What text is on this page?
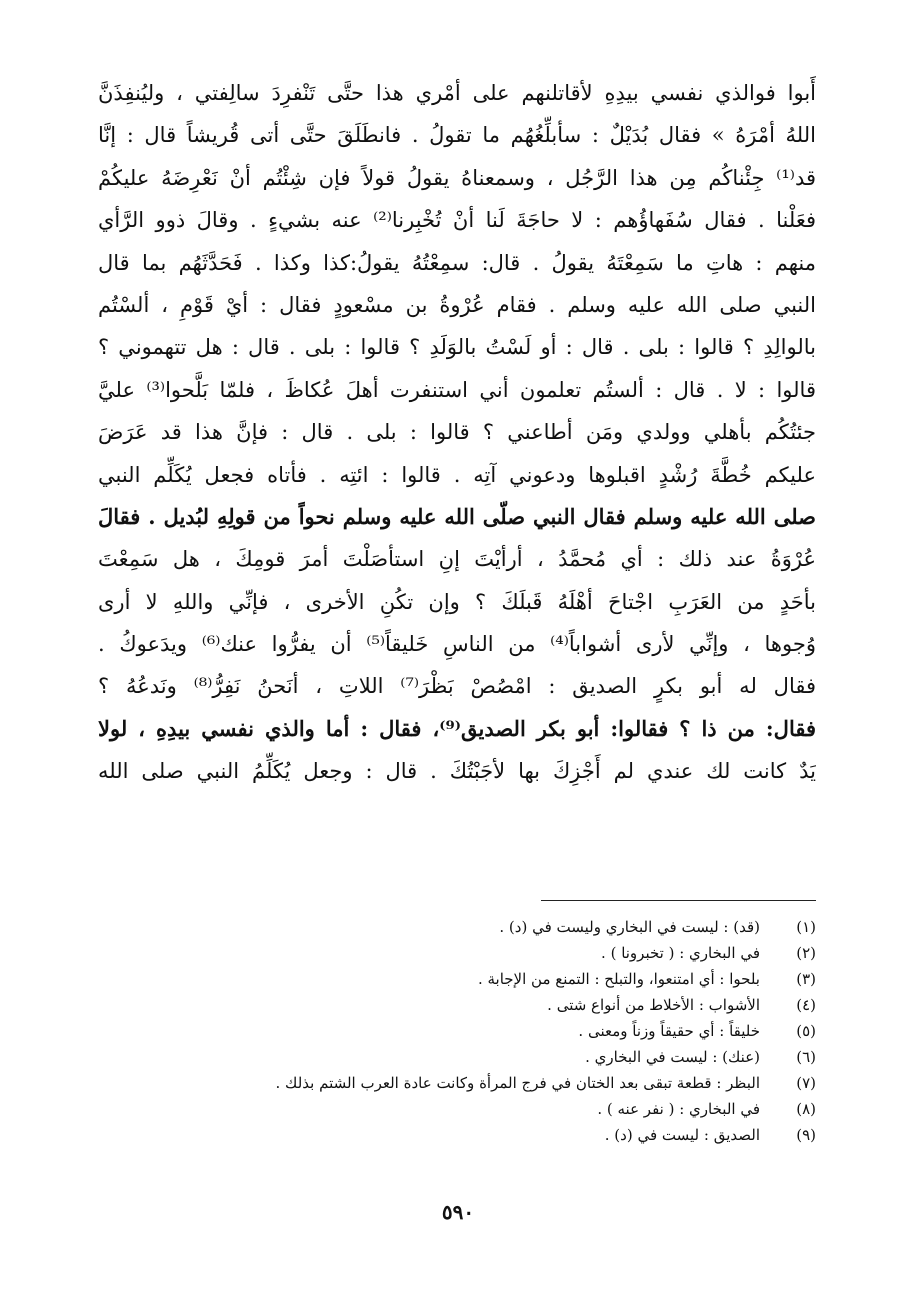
أَبوا فوالذي نفسي بيدِهِ لأقاتلنهم على أمْري هذا حتَّى تَنْفرِدَ سالِفتي ، وليُنفِذَنَّ
اللهُ أمْرَهُ » فقال بُدَيْلٌ : سأبلِّغُهُم ما تقولُ . فانطَلَقَ حتَّى أتى قُريشاً قال : إنَّا
قد⁽¹⁾ جِئْناكُم مِن هذا الرَّجُل ، وسمعناهُ يقولُ قولاً فإن شِئْتُم أنْ نَعْرِضَهُ عليكُمْ
فعَلْنا . فقال سُفَهاؤُهم : لا حاجَةَ لَنا أنْ تُخْبِرنا⁽²⁾ عنه بشيءٍ . وقالَ ذوو الرَّأي
منهم : هاتِ ما سَمِعْتَهُ يقولُ . قال: سمِعْتُهُ يقولُ:كذا وكذا . فَحَدَّثَهُم بما قال
النبي صلى الله عليه وسلم . فقام عُرْوةُ بن مسْعودٍ فقال : أيْ قَوْمِ ، ألسْتُم
بالوالِدِ ؟ قالوا : بلى . قال : أو لَسْتُ بالوَلَدِ ؟ قالوا : بلى . قال : هل تتهموني ؟
قالوا : لا . قال : ألستُم تعلمون أني استنفرت أهلَ عُكاظَ ، فلمّا بَلَّحوا⁽³⁾ عليَّ
جئتُكُم بأهلي وولدي ومَن أطاعني ؟ قالوا : بلى . قال : فإنَّ هذا قد عَرَضَ
عليكم خُطَّةَ رُشْدٍ اقبلوها ودعوني آتِه . قالوا : ائتِه . فأتاه فجعل يُكَلِّم النبي
صلى الله عليه وسلم فقال النبي صلّى الله عليه وسلم نحواً من قولِهِ لبُديل . فقالَ
عُرْوَةُ عند ذلك : أي مُحمَّدُ ، أرأيْتَ إنِ استأصَلْتَ أمرَ قومِكَ ، هل سَمِعْتَ
بأحَدٍ من العَرَبِ اجْتاحَ أهْلَهُ قَبلَكَ ؟ وإن تكُنِ الأخرى ، فإنِّي واللهِ لا أرى
وُجوها ، وإنِّي لأرى أشواباً⁽⁴⁾ من الناسِ خَليقاً⁽⁵⁾ أن يفرُّوا عنك⁽⁶⁾ ويدَعوكُ .
فقال له أبو بكرٍ الصديق : امْصُصْ بَظْرَ⁽⁷⁾ اللاتِ ، أنَحنُ نَفِرُّ⁽⁸⁾ ونَدعُهُ ؟
فقال: من ذا ؟ فقالوا: أبو بكر الصديق⁽⁹⁾، فقال : أما والذي نفسي بيدِهِ ، لولا
يَدٌ كانت لك عندي لم أَجْزِكَ بها لأجَبْتُكَ . قال : وجعل يُكَلِّمُ النبي صلى الله
(١)
(قد) : ليست في البخاري وليست في (د) .
(٢)
في البخاري : ( تخبرونا ) .
(٣)
بلحوا : أي امتنعوا، والتبلح : التمنع من الإجابة .
(٤)
الأشواب : الأخلاط من أنواع شتى .
(٥)
خليقاً : أي حقيقاً وزناً ومعنى .
(٦)
(عنك) : ليست في البخاري .
(٧)
البظر : قطعة تبقى بعد الختان في فرج المرأة وكانت عادة العرب الشتم بذلك .
(٨)
في البخاري : ( نفر عنه ) .
(٩)
الصديق : ليست في (د) .
٥٩٠
